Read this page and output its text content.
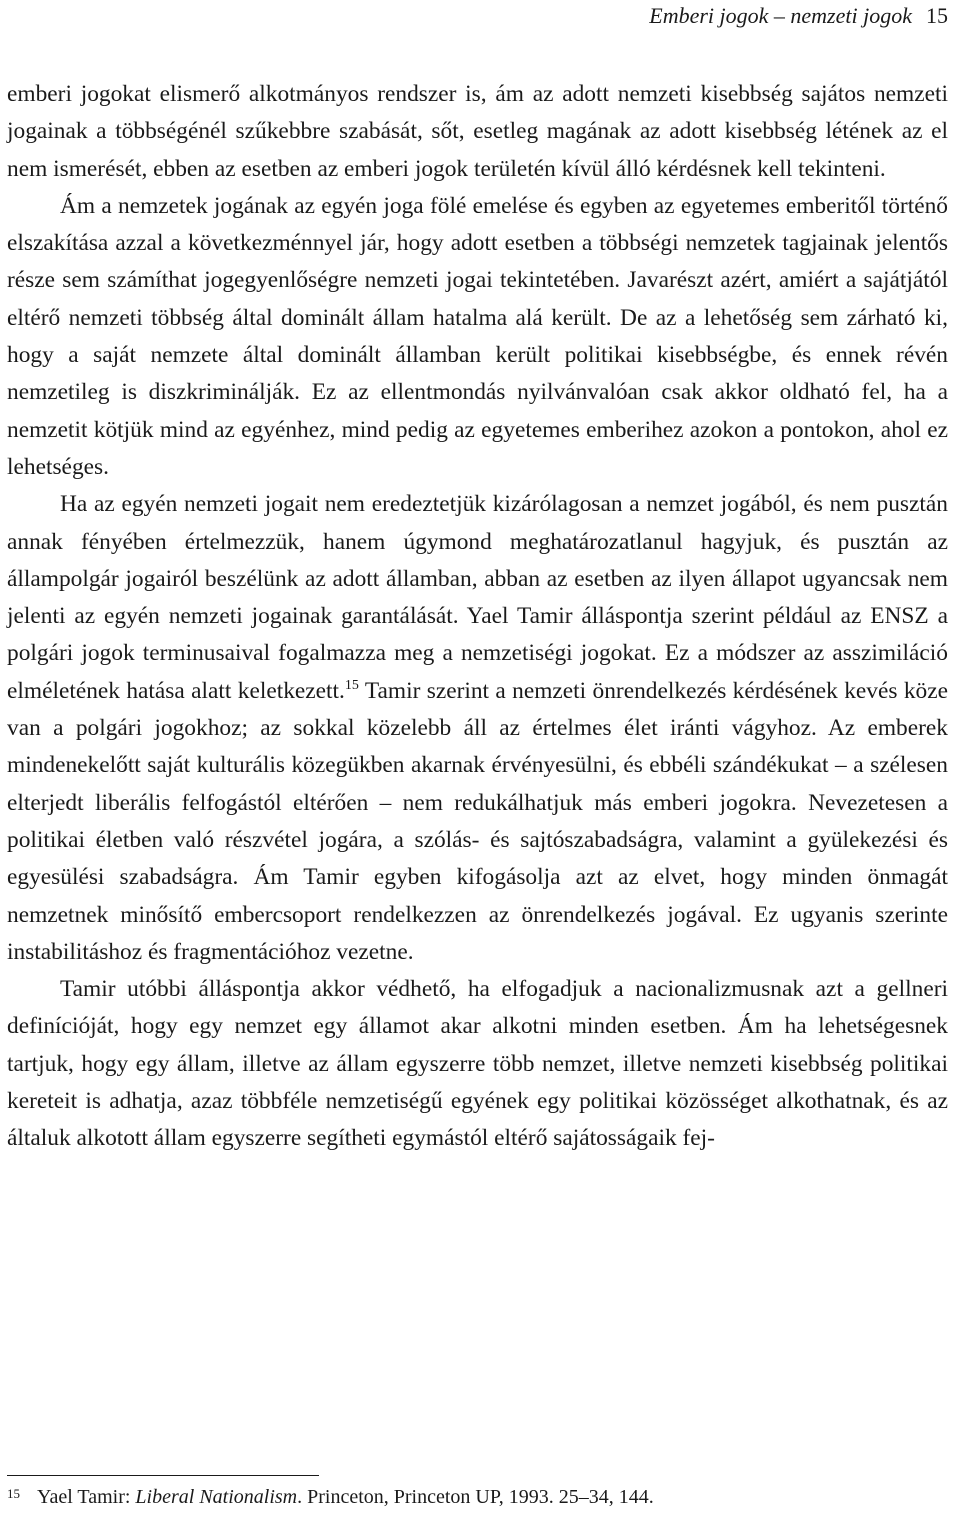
Emberi jogok – nemzeti jogok 15

emberi jogokat elismerő alkotmányos rendszer is, ám az adott nemzeti kisebbség sajátos nemzeti jogainak a többségénél szűkebbre szabását, sőt, esetleg magának az adott kisebbség létének az el nem ismerését, ebben az esetben az emberi jogok területén kívül álló kérdésnek kell tekinteni.

Ám a nemzetek jogának az egyén joga fölé emelése és egyben az egyetemes emberitől történő elszakítása azzal a következménnyel jár, hogy adott esetben a többségi nemzetek tagjainak jelentős része sem számíthat jogegyenlőségre nemzeti jogai tekintetében. Javarészt azért, amiért a sajátjától eltérő nemzeti többség által dominált állam hatalma alá került. De az a lehetőség sem zárható ki, hogy a saját nemzete által dominált államban került politikai kisebbségbe, és ennek révén nemzetileg is diszkriminálják. Ez az ellentmondás nyilvánvalóan csak akkor oldható fel, ha a nemzetit kötjük mind az egyénhez, mind pedig az egyetemes emberihez azokon a pontokon, ahol ez lehetséges.

Ha az egyén nemzeti jogait nem eredeztetjük kizárólagosan a nemzet jogából, és nem pusztán annak fényében értelmezzük, hanem úgymond meghatározatlanul hagyjuk, és pusztán az állampolgár jogairól beszélünk az adott államban, abban az esetben az ilyen állapot ugyancsak nem jelenti az egyén nemzeti jogainak garantálását. Yael Tamir álláspontja szerint például az ENSZ a polgári jogok terminusaival fogalmazza meg a nemzetiségi jogokat. Ez a módszer az asszimiláció elméletének hatása alatt keletkezett.$^{15}$ Tamir szerint a nemzeti önrendelkezés kérdésének kevés köze van a polgári jogokhoz; az sokkal közelebb áll az értelmes élet iránti vágyhoz. Az emberek mindenekelőtt saját kulturális közegükben akarnak érvényesülni, és ebbéli szándékukat – a szélesen elterjedt liberális felfogástól eltérően – nem redukálhatjuk más emberi jogokra. Nevezetesen a politikai életben való részvétel jogára, a szólás- és sajtószabadságra, valamint a gyülekezési és egyesülési szabadságra. Ám Tamir egyben kifogásolja azt az elvet, hogy minden önmagát nemzetnek minősítő embercsoport rendelkezzen az önrendelkezés jogával. Ez ugyanis szerinte instabilitáshoz és fragmentációhoz vezetne.

Tamir utóbbi álláspontja akkor védhető, ha elfogadjuk a nacionalizmusnak azt a gellneri definícióját, hogy egy nemzet egy államot akar alkotni minden esetben. Ám ha lehetségesnek tartjuk, hogy egy állam, illetve az állam egyszerre több nemzet, illetve nemzeti kisebbség politikai kereteit is adhatja, azaz többféle nemzetiségű egyének egy politikai közösséget alkothatnak, és az általuk alkotott állam egyszerre segítheti egymástól eltérő sajátosságaik fej-

15 Yael Tamir: Liberal Nationalism. Princeton, Princeton UP, 1993. 25–34, 144.
